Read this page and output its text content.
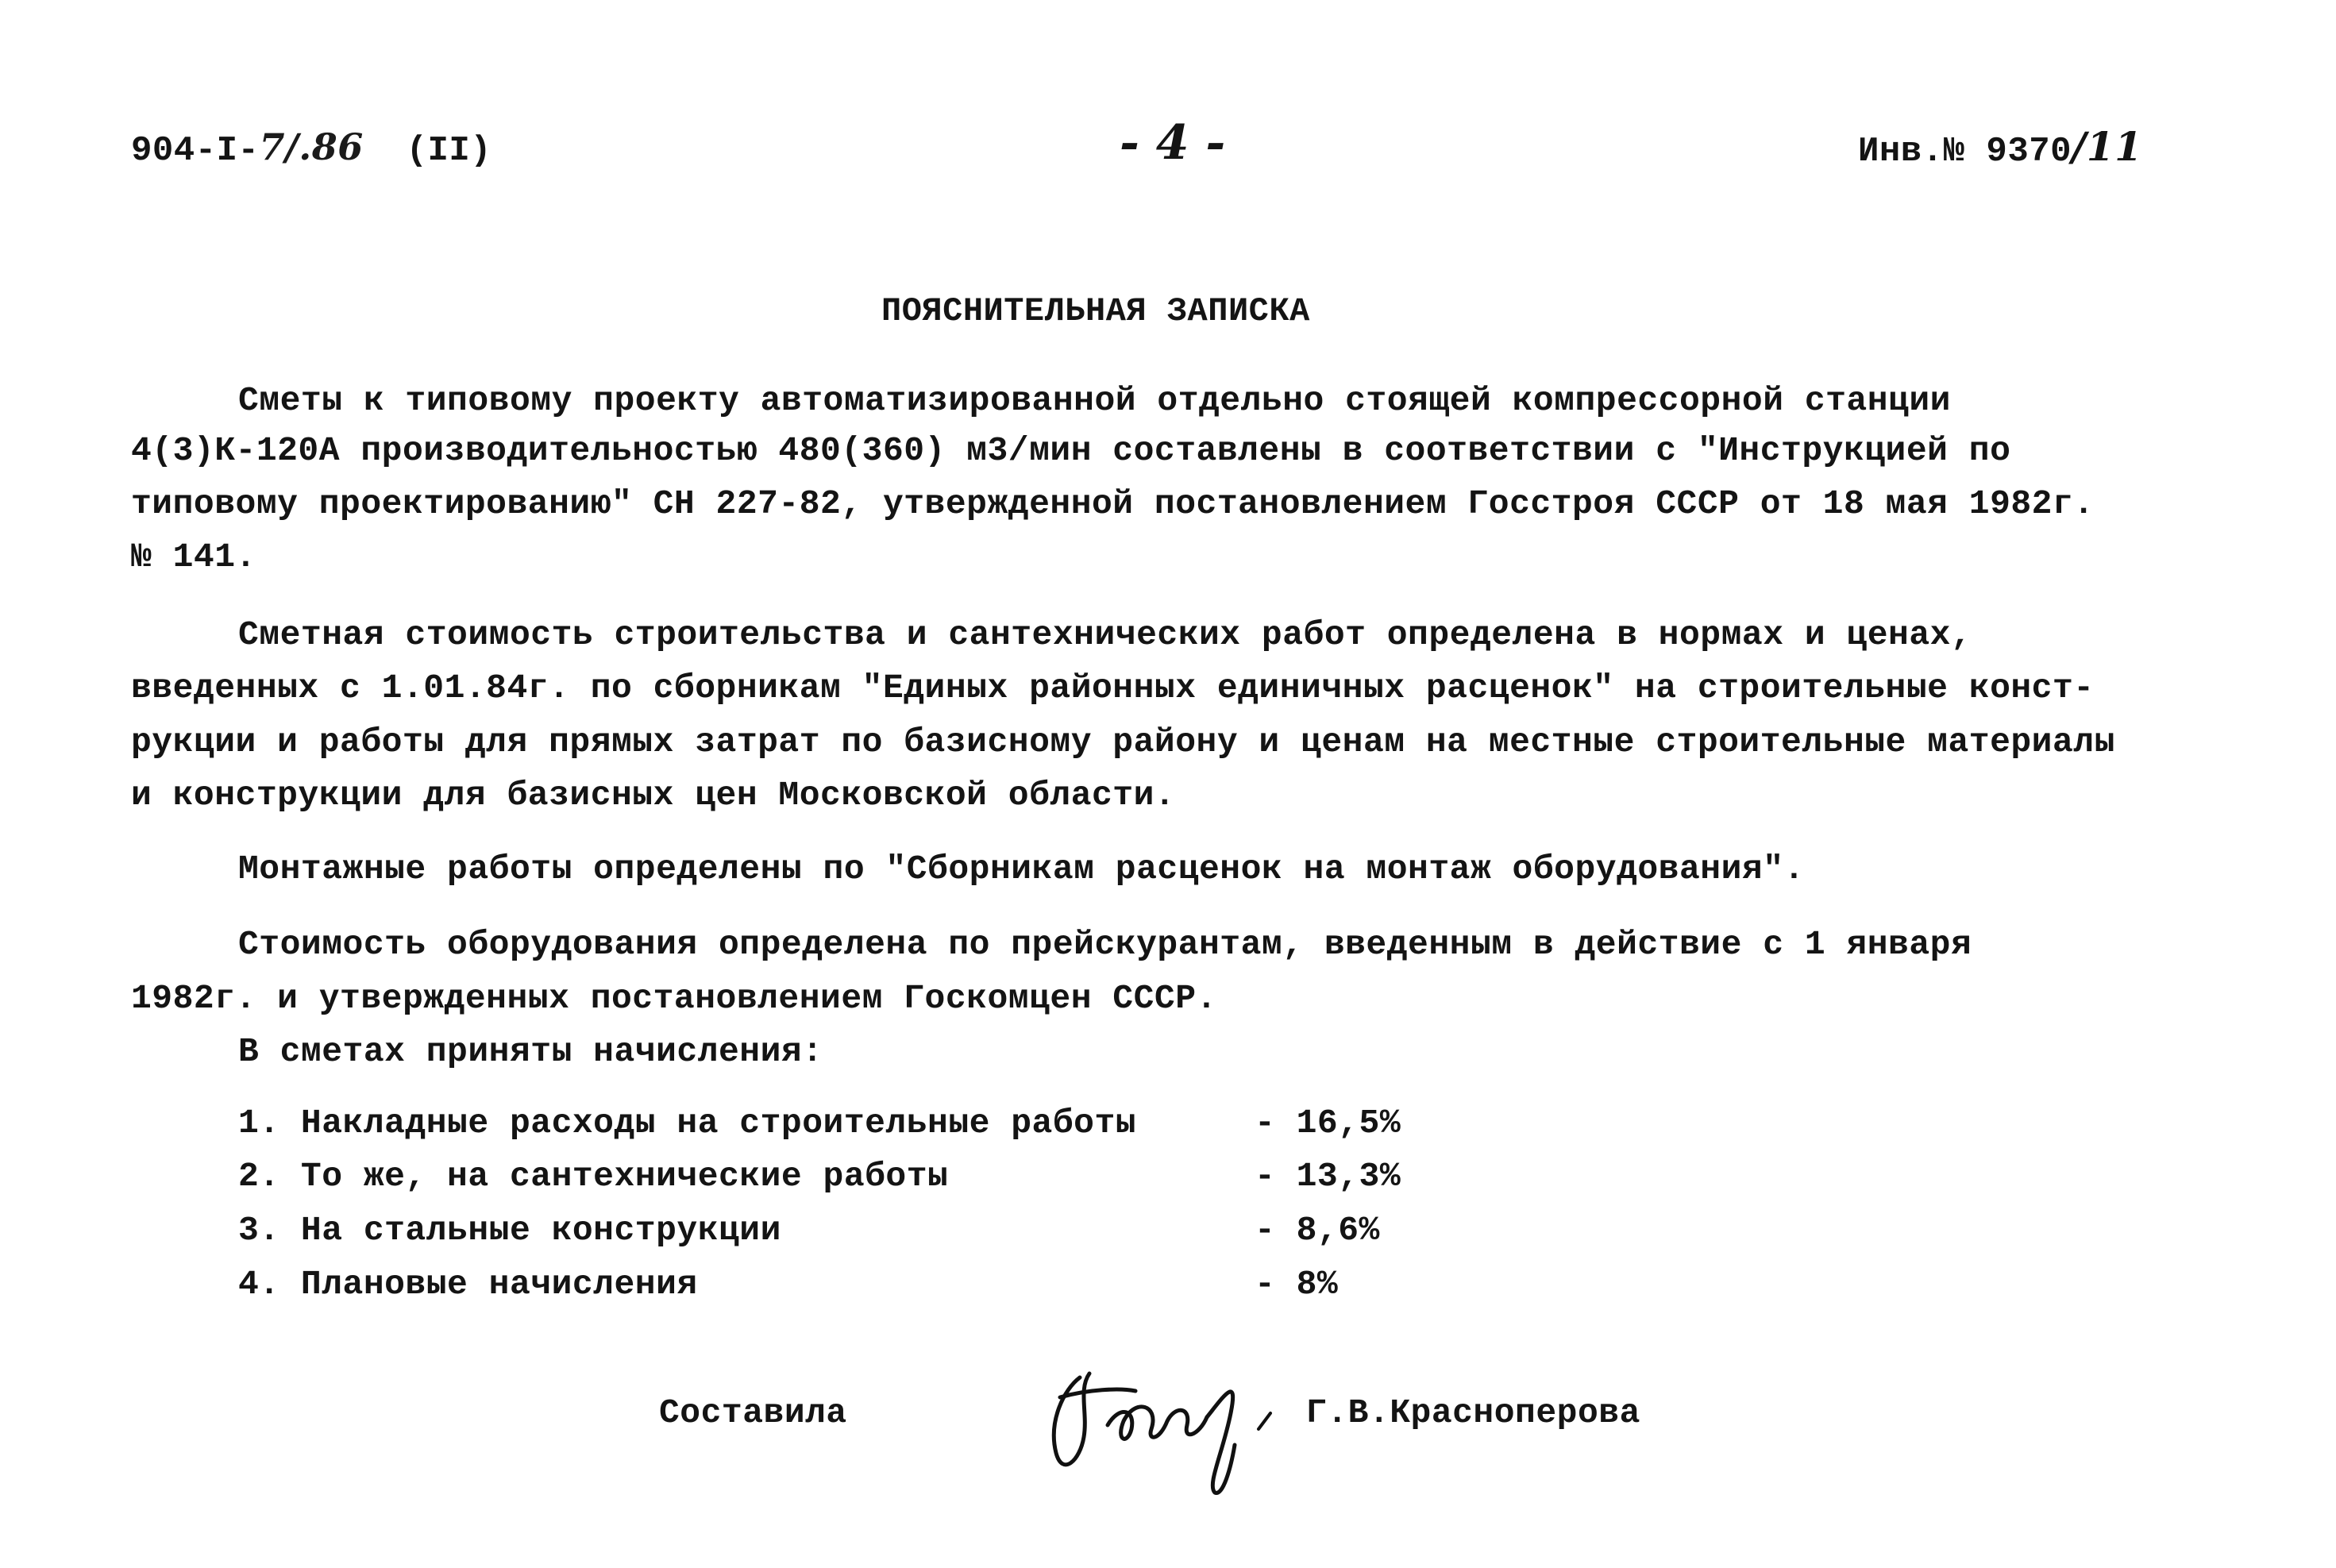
904-I-7/.86 (II)	- 4 -	Инв.№ 9370/11
ПОЯСНИТЕЛЬНАЯ ЗАПИСКА
Сметы к типовому проекту автоматизированной отдельно стоящей компрессорной станции
4(3)К-120А производительностью 480(360) м3/мин составлены в соответствии с "Инструкцией по
типовому проектированию" СН 227-82, утвержденной постановлением Госстроя СССР от 18 мая 1982г.
№ 141.
Сметная стоимость строительства и сантехнических работ определена в нормах и ценах,
введенных с 1.01.84г. по сборникам "Единых районных единичных расценок" на строительные конст-
рукции и работы для прямых затрат по базисному району и ценам на местные строительные материалы
и конструкции для базисных цен Московской области.
Монтажные работы определены по "Сборникам расценок на монтаж оборудования".
Стоимость оборудования определена по прейскурантам, введенным в действие с 1 января
1982г. и утвержденных постановлением Госкомцен СССР.
В сметах приняты начисления:
1. Накладные расходы на строительные работы	- 16,5%
2. То же, на сантехнические работы	- 13,3%
3. На стальные конструкции	- 8,6%
4. Плановые начисления	- 8%
Составила	Г.В.Красноперова
